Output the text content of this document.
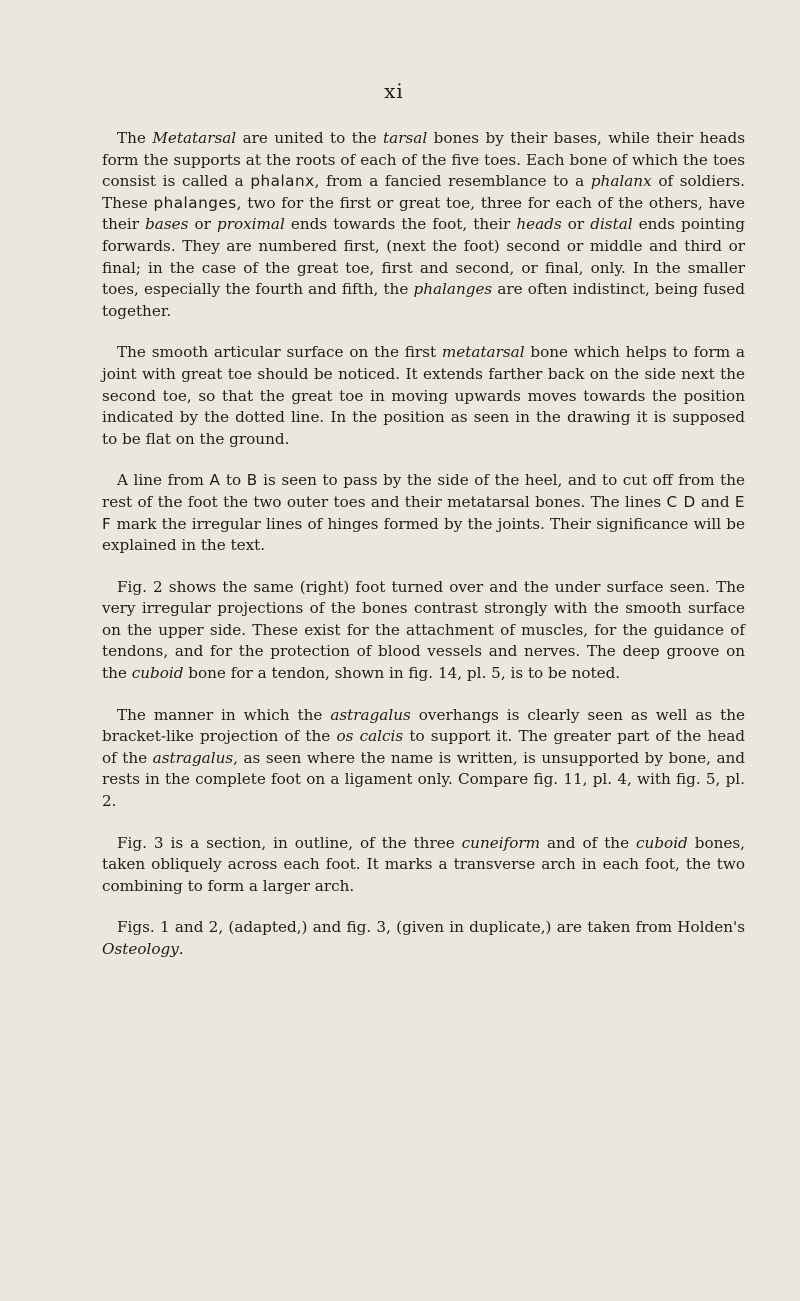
xi

The Metatarsal are united to the tarsal bones by their bases, while their heads form the supports at the roots of each of the five toes. Each bone of which the toes consist is called a phalanx, from a fancied resemblance to a phalanx of soldiers. These phalanges, two for the first or great toe, three for each of the others, have their bases or proximal ends towards the foot, their heads or distal ends pointing forwards. They are numbered first, (next the foot) second or middle and third or final; in the case of the great toe, first and second, or final, only. In the smaller toes, especially the fourth and fifth, the phalanges are often indistinct, being fused together.

The smooth articular surface on the first metatarsal bone which helps to form a joint with great toe should be noticed. It extends farther back on the side next the second toe, so that the great toe in moving upwards moves towards the position indicated by the dotted line. In the position as seen in the drawing it is supposed to be flat on the ground.

A line from A to B is seen to pass by the side of the heel, and to cut off from the rest of the foot the two outer toes and their metatarsal bones. The lines C D and E F mark the irregular lines of hinges formed by the joints. Their significance will be explained in the text.

Fig. 2 shows the same (right) foot turned over and the under surface seen. The very irregular projections of the bones contrast strongly with the smooth surface on the upper side. These exist for the attachment of muscles, for the guidance of tendons, and for the protection of blood vessels and nerves. The deep groove on the cuboid bone for a tendon, shown in fig. 14, pl. 5, is to be noted.

The manner in which the astragalus overhangs is clearly seen as well as the bracket-like projection of the os calcis to support it. The greater part of the head of the astragalus, as seen where the name is written, is unsupported by bone, and rests in the complete foot on a ligament only. Compare fig. 11, pl. 4, with fig. 5, pl. 2.

Fig. 3 is a section, in outline, of the three cuneiform and of the cuboid bones, taken obliquely across each foot. It marks a transverse arch in each foot, the two combining to form a larger arch.

Figs. 1 and 2, (adapted,) and fig. 3, (given in duplicate,) are taken from Holden's Osteology.
